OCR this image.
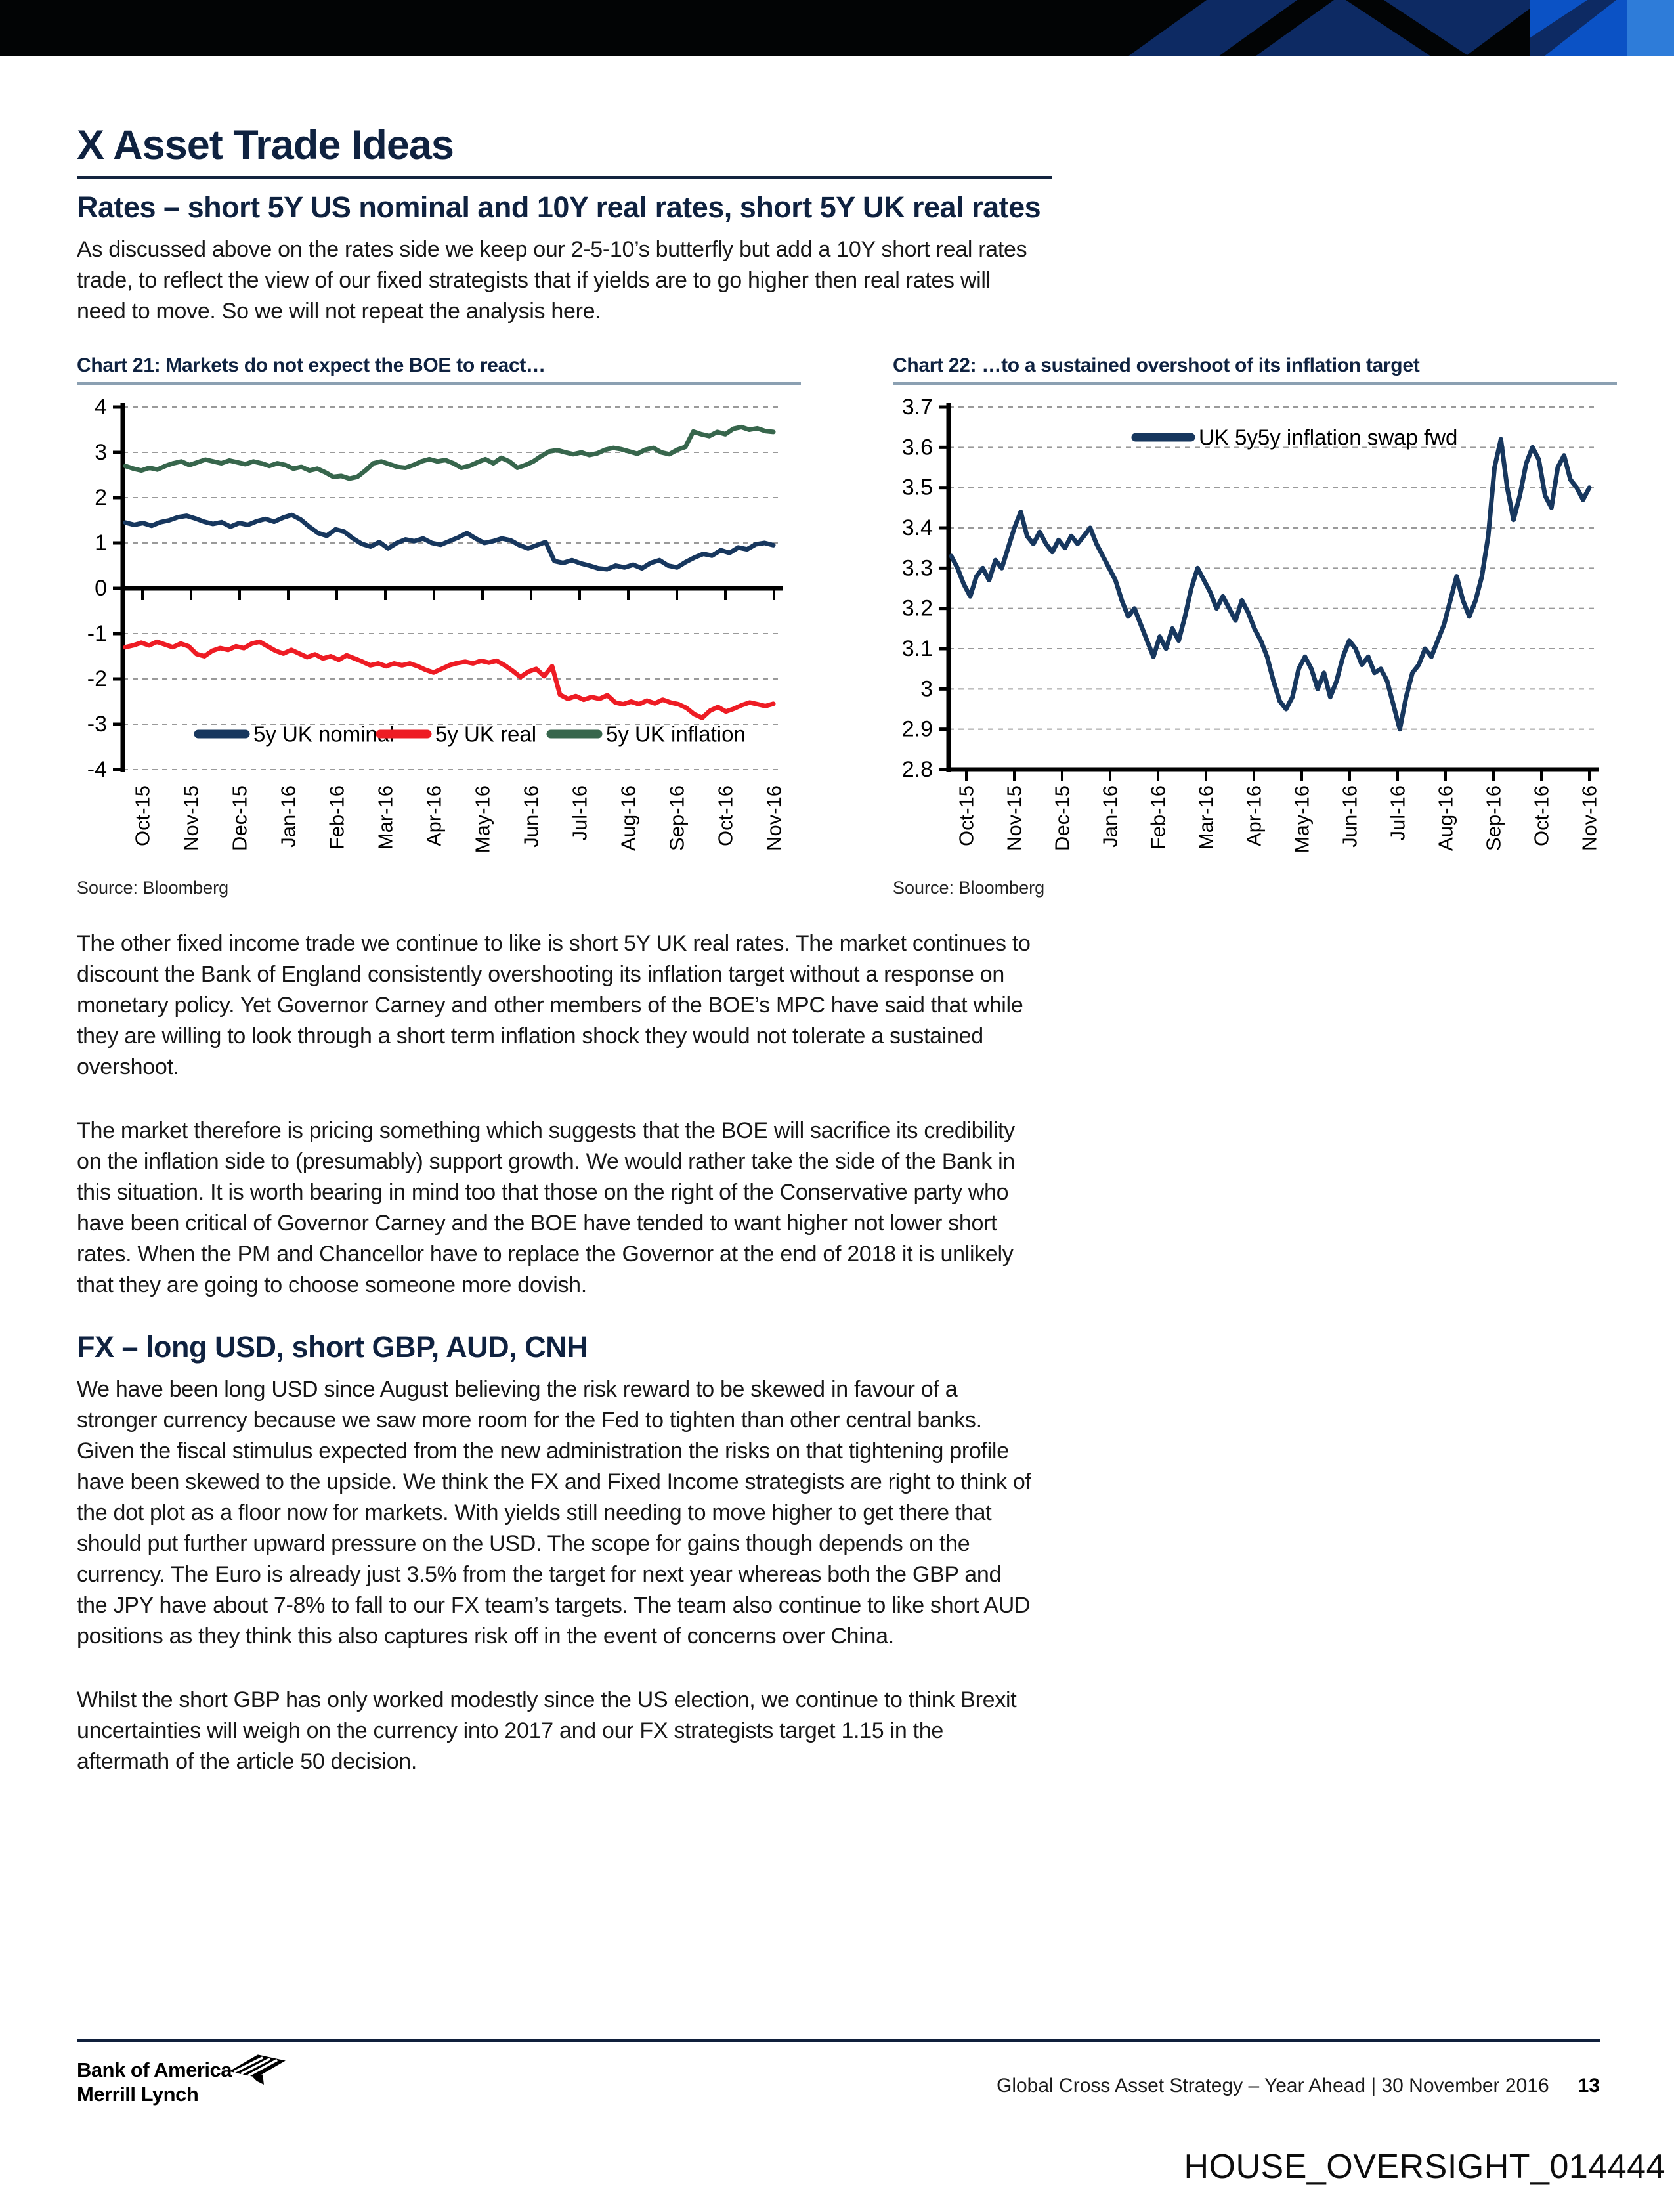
X Asset Trade Ideas
Rates – short 5Y US nominal and 10Y real rates, short 5Y UK real rates

As discussed above on the rates side we keep our 2-5-10’s butterfly but add a 10Y short real rates trade, to reflect the view of our fixed strategists that if yields are to go higher then real rates will need to move. So we will not repeat the analysis here.

Chart 21: Markets do not expect the BOE to react…
4
3
2
1
0
-1
-2
-3
-4
Oct-15 Nov-15 Dec-15 Jan-16 Feb-16 Mar-16 Apr-16 May-16 Jun-16 Jul-16 Aug-16 Sep-16 Oct-16 Nov-16
5y UK nominal 5y UK real	5y UK inflation
Source: Bloomberg
Chart 22: …to a sustained overshoot of its inflation target
3.7
3.6
3.5
3.4
3.3
3.2
3.1
3
2.9
2.8
Oct-15 Nov-15 Dec-15 Jan-16 Feb-16 Mar-16 Apr-16 May-16 Jun-16 Jul-16 Aug-16 Sep-16 Oct-16 Nov-16
UK 5y5y inflation swap fwd
Source: Bloomberg

The other fixed income trade we continue to like is short 5Y UK real rates. The market continues to discount the Bank of England consistently overshooting its inflation target without a response on monetary policy. Yet Governor Carney and other members of the BOE’s MPC have said that while they are willing to look through a short term inflation shock they would not tolerate a sustained overshoot.

The market therefore is pricing something which suggests that the BOE will sacrifice its credibility on the inflation side to (presumably) support growth. We would rather take the side of the Bank in this situation. It is worth bearing in mind too that those on the right of the Conservative party who have been critical of Governor Carney and the BOE have tended to want higher not lower short rates. When the PM and Chancellor have to replace the Governor at the end of 2018 it is unlikely that they are going to choose someone more dovish.

FX – long USD, short GBP, AUD, CNH

We have been long USD since August believing the risk reward to be skewed in favour of a stronger currency because we saw more room for the Fed to tighten than other central banks. Given the fiscal stimulus expected from the new administration the risks on that tightening profile have been skewed to the upside. We think the FX and Fixed Income strategists are right to think of the dot plot as a floor now for markets. With yields still needing to move higher to get there that should put further upward pressure on the USD. The scope for gains though depends on the currency. The Euro is already just 3.5% from the target for next year whereas both the GBP and the JPY have about 7-8% to fall to our FX team’s targets. The team also continue to like short AUD positions as they think this also captures risk off in the event of concerns over China.

Whilst the short GBP has only worked modestly since the US election, we continue to think Brexit uncertainties will weigh on the currency into 2017 and our FX strategists target 1.15 in the aftermath of the article 50 decision.

Bank of America
Merrill Lynch	Global Cross Asset Strategy – Year Ahead | 30 November 2016 13
HOUSE_OVERSIGHT_014444
